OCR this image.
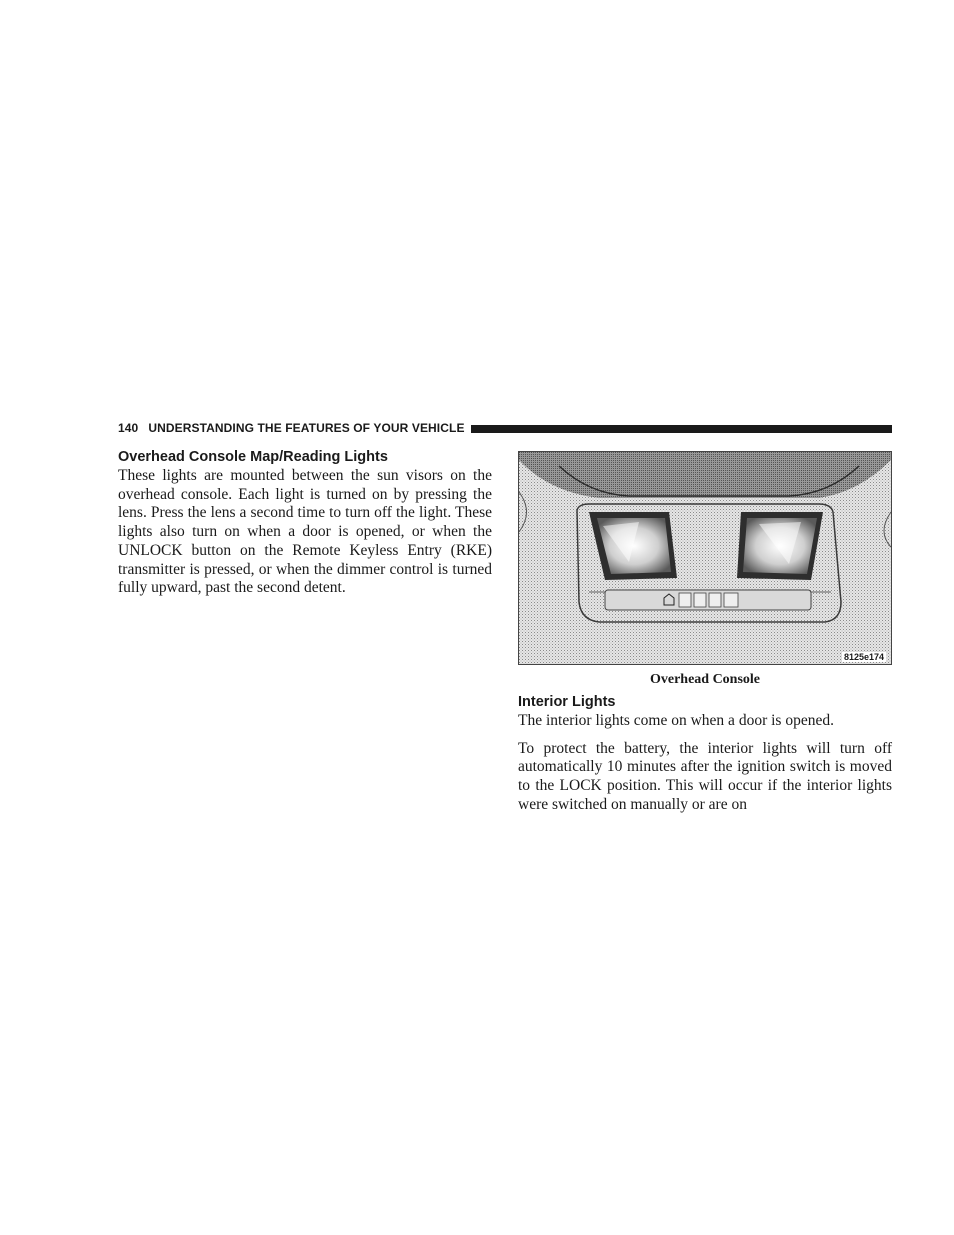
140 UNDERSTANDING THE FEATURES OF YOUR VEHICLE
Overhead Console Map/Reading Lights

These lights are mounted between the sun visors on the overhead console. Each light is turned on by pressing the lens. Press the lens a second time to turn off the light. These lights also turn on when a door is opened, or when the UNLOCK button on the Remote Keyless Entry (RKE) transmitter is pressed, or when the dimmer control is turned fully upward, past the second detent.

8125e174
Overhead Console
Interior Lights

The interior lights come on when a door is opened.

To protect the battery, the interior lights will turn off automatically 10 minutes after the ignition switch is moved to the LOCK position. This will occur if the interior lights were switched on manually or are on
